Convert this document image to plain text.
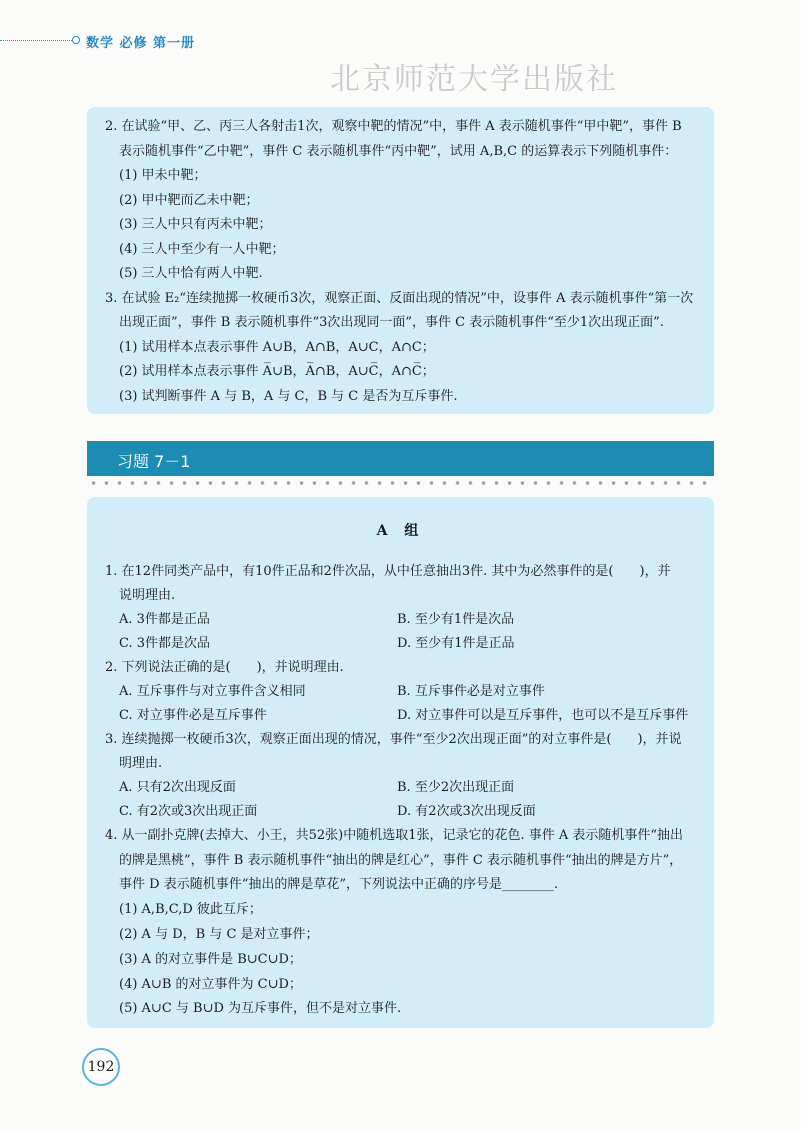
数学 必修 第一册
北京师范大学出版社
2. 在试验“甲、乙、丙三人各射击1次，观察中靶的情况”中，事件 A 表示随机事件“甲中靶”，事件 B
表示随机事件“乙中靶”，事件 C 表示随机事件“丙中靶”，试用 A,B,C 的运算表示下列随机事件：
(1) 甲未中靶；
(2) 甲中靶而乙未中靶；
(3) 三人中只有丙未中靶；
(4) 三人中至少有一人中靶；
(5) 三人中恰有两人中靶.
3. 在试验 E₂“连续抛掷一枚硬币3次，观察正面、反面出现的情况”中，设事件 A 表示随机事件“第一次
出现正面”，事件 B 表示随机事件“3次出现同一面”，事件 C 表示随机事件“至少1次出现正面”.
(1) 试用样本点表示事件 A∪B，A∩B，A∪C，A∩C；
(2) 试用样本点表示事件 A̅∪B，A̅∩B，A∪C̅，A∩C̅；
(3) 试判断事件 A 与 B，A 与 C，B 与 C 是否为互斥事件.
习题 7－1
A 组
1. 在12件同类产品中，有10件正品和2件次品，从中任意抽出3件. 其中为必然事件的是(　　)，并
说明理由.
A. 3件都是正品	B. 至少有1件是次品
C. 3件都是次品	D. 至少有1件是正品
2. 下列说法正确的是(　　)，并说明理由.
A. 互斥事件与对立事件含义相同	B. 互斥事件必是对立事件
C. 对立事件必是互斥事件	D. 对立事件可以是互斥事件，也可以不是互斥事件
3. 连续抛掷一枚硬币3次，观察正面出现的情况，事件“至少2次出现正面”的对立事件是(　　)，并说
明理由.
A. 只有2次出现反面	B. 至少2次出现正面
C. 有2次或3次出现正面	D. 有2次或3次出现反面
4. 从一副扑克牌(去掉大、小王，共52张)中随机选取1张，记录它的花色. 事件 A 表示随机事件“抽出
的牌是黑桃”，事件 B 表示随机事件“抽出的牌是红心”，事件 C 表示随机事件“抽出的牌是方片”，
事件 D 表示随机事件“抽出的牌是草花”，下列说法中正确的序号是________.
(1) A,B,C,D 彼此互斥；
(2) A 与 D，B 与 C 是对立事件；
(3) A 的对立事件是 B∪C∪D；
(4) A∪B 的对立事件为 C∪D；
(5) A∪C 与 B∪D 为互斥事件，但不是对立事件.
192
